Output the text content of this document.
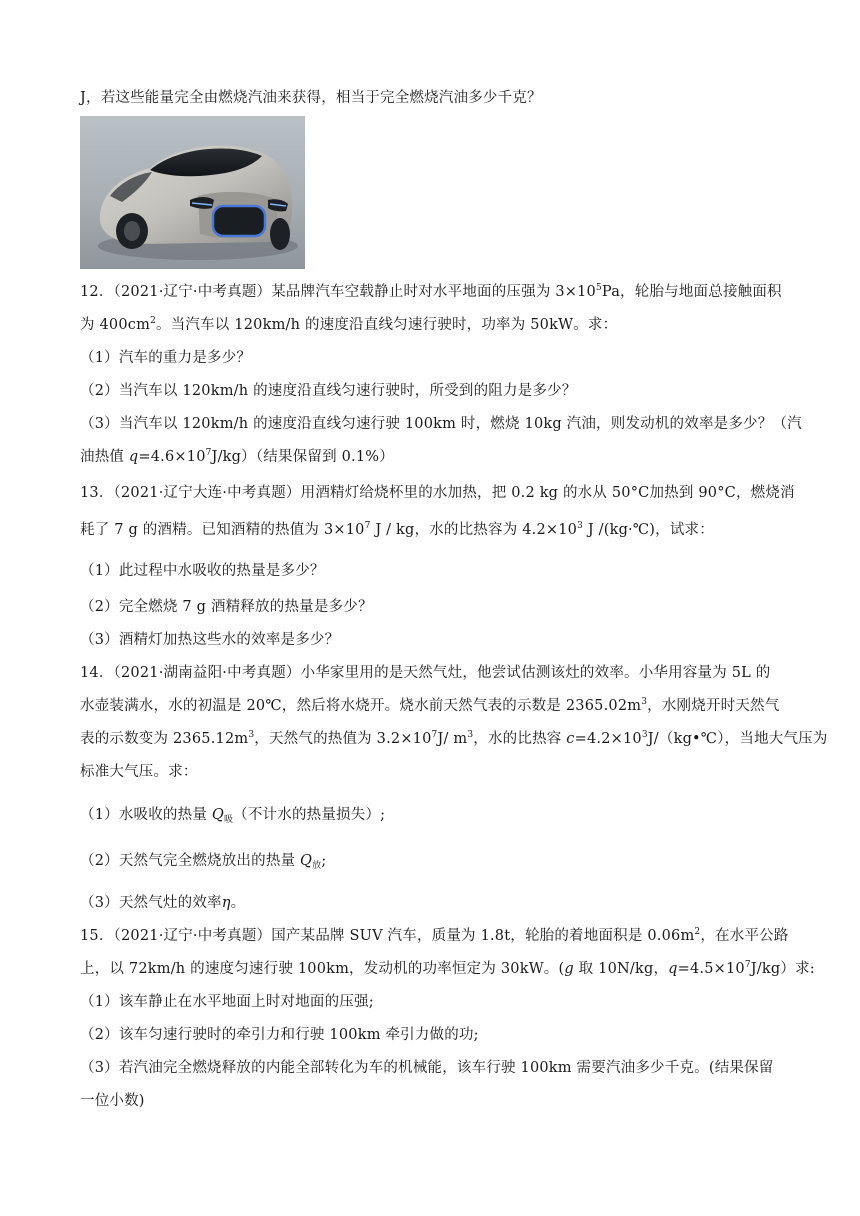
J，若这些能量完全由燃烧汽油来获得，相当于完全燃烧汽油多少千克？
12．（2021·辽宁·中考真题）某品牌汽车空载静止时对水平地面的压强为 $3\times 10^5Pa$，轮胎与地面总接触面积
为 $400cm^2$。当汽车以 120km/h 的速度沿直线匀速行驶时，功率为 50kW。求：
（1）汽车的重力是多少？
（2）当汽车以 120km/h 的速度沿直线匀速行驶时，所受到的阻力是多少？
（3）当汽车以 120km/h 的速度沿直线匀速行驶 100km 时，燃烧 10kg 汽油，则发动机的效率是多少？（汽
油热值 $q=4.6\times 10^7J/kg$）（结果保留到 0.1%）
13．（2021·辽宁大连·中考真题）用酒精灯给烧杯里的水加热，把 0.2 kg 的水从 50°C加热到 90°C，燃烧消
耗了 7 g 的酒精。已知酒精的热值为 $3\times 10^7$ J / kg，水的比热容为 $4.2\times 10^3$ J /(kg·℃)，试求：
（1）此过程中水吸收的热量是多少？
（2）完全燃烧 7 g 酒精释放的热量是多少？
（3）酒精灯加热这些水的效率是多少？
14．（2021·湖南益阳·中考真题）小华家里用的是天然气灶，他尝试估测该灶的效率。小华用容量为 5L 的
水壶装满水，水的初温是 20℃，然后将水烧开。烧水前天然气表的示数是 $2365.02m^3$，水刚烧开时天然气
表的示数变为 $2365.12m^3$，天然气的热值为 $3.2\times 10^7J/$ $m^3$，水的比热容 $c=4.2\times 10^3J/(kg•℃)$，当地大气压为
标准大气压。求：
（1）水吸收的热量 $Q_吸$（不计水的热量损失）;
（2）天然气完全燃烧放出的热量 $Q_放$;
（3）天然气灶的效率η。
15．（2021·辽宁·中考真题）国产某品牌 SUV 汽车，质量为 1.8t，轮胎的着地面积是 $0.06m^2$，在水平公路
上，以 72km/h 的速度匀速行驶 100km，发动机的功率恒定为 30kW。(g 取 10N/kg，$q=4.5\times 10^7J/kg$）求:
（1）该车静止在水平地面上时对地面的压强;
（2）该车匀速行驶时的牵引力和行驶 100km 牵引力做的功;
（3）若汽油完全燃烧释放的内能全部转化为车的机械能，该车行驶 100km 需要汽油多少千克。(结果保留
一位小数)
